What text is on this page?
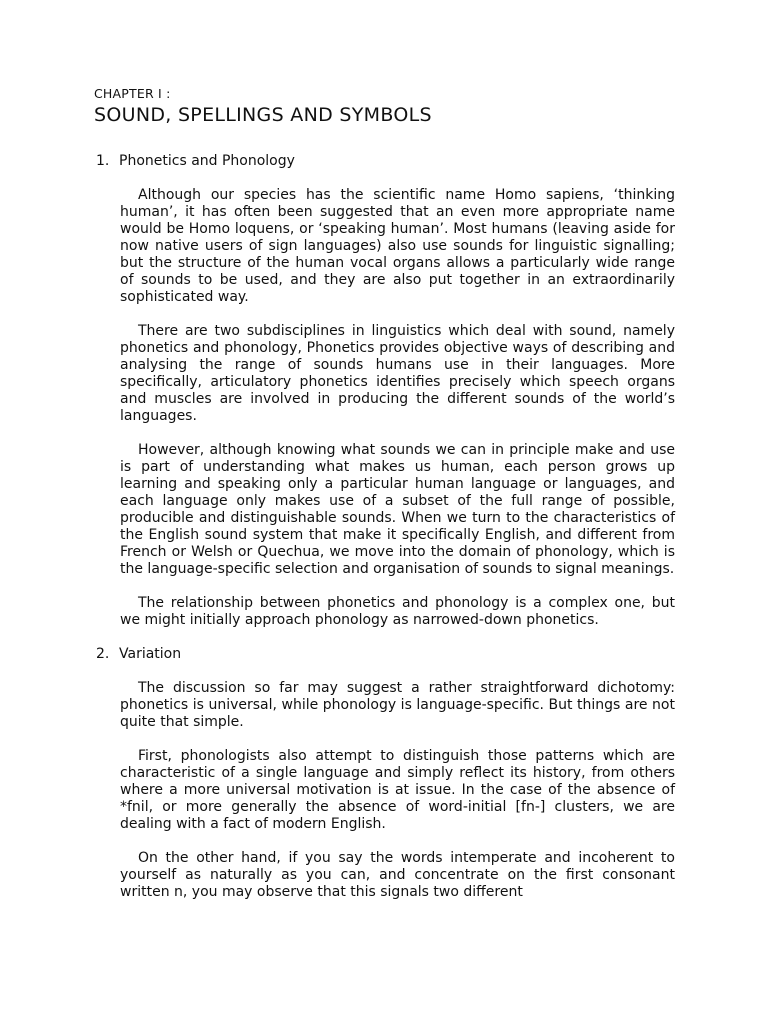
CHAPTER I :

SOUND, SPELLINGS AND SYMBOLS
1. Phonetics and Phonology

Although our species has the scientific name Homo sapiens, ‘thinking human’, it has often been suggested that an even more appropriate name would be Homo loquens, or ‘speaking human’. Most humans (leaving aside for now native users of sign languages) also use sounds for linguistic signalling; but the structure of the human vocal organs allows a particularly wide range of sounds to be used, and they are also put together in an extraordinarily sophisticated way.

There are two subdisciplines in linguistics which deal with sound, namely phonetics and phonology, Phonetics provides objective ways of describing and analysing the range of sounds humans use in their languages. More specifically, articulatory phonetics identifies precisely which speech organs and muscles are involved in producing the different sounds of the world’s languages.

However, although knowing what sounds we can in principle make and use is part of understanding what makes us human, each person grows up learning and speaking only a particular human language or languages, and each language only makes use of a subset of the full range of possible, producible and distinguishable sounds. When we turn to the characteristics of the English sound system that make it specifically English, and different from French or Welsh or Quechua, we move into the domain of phonology, which is the language-specific selection and organisation of sounds to signal meanings.

The relationship between phonetics and phonology is a complex one, but we might initially approach phonology as narrowed-down phonetics.

2. Variation

The discussion so far may suggest a rather straightforward dichotomy: phonetics is universal, while phonology is language-specific. But things are not quite that simple.

First, phonologists also attempt to distinguish those patterns which are characteristic of a single language and simply reflect its history, from others where a more universal motivation is at issue. In the case of the absence of *fnil, or more generally the absence of word-initial [fn-] clusters, we are dealing with a fact of modern English.

On the other hand, if you say the words intemperate and incoherent to yourself as naturally as you can, and concentrate on the first consonant written n, you may observe that this signals two different
